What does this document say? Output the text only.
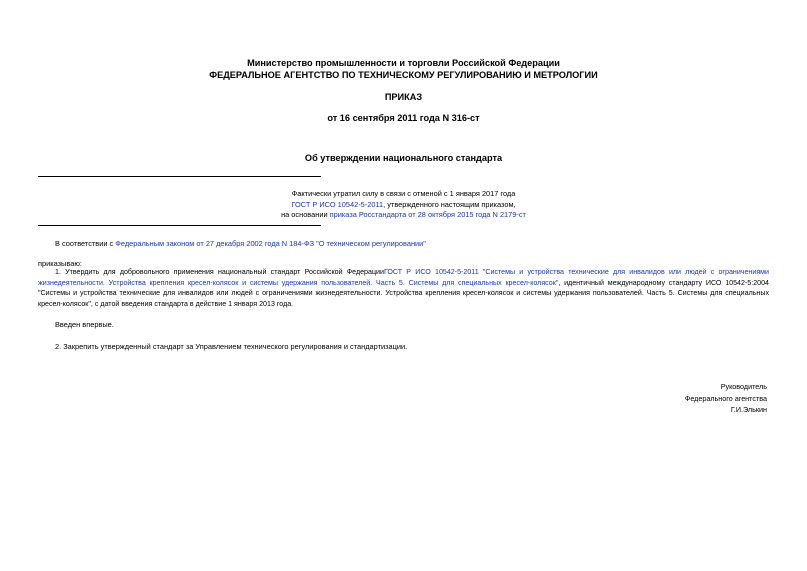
Министерство промышленности и торговли Российской Федерации
ФЕДЕРАЛЬНОЕ АГЕНТСТВО ПО ТЕХНИЧЕСКОМУ РЕГУЛИРОВАНИЮ И МЕТРОЛОГИИ
ПРИКАЗ
от 16 сентября 2011 года N 316-ст
Об утверждении национального стандарта
Фактически утратил силу в связи с отменой с 1 января 2017 года
ГОСТ Р ИСО 10542-5-2011, утвержденного настоящим приказом,
на основании приказа Росстандарта от 28 октября 2015 года N 2179-ст
В соответствии с Федеральным законом от 27 декабря 2002 года N 184-ФЗ "О техническом регулировании"
приказываю:
1. Утвердить для добровольного применения национальный стандарт Российской ФедерацииГОСТ Р ИСО 10542-5-2011 "Системы и устройства технические для инвалидов или людей с ограничениями жизнедеятельности. Устройства крепления кресел-колясок и системы удержания пользователей. Часть 5. Системы для специальных кресел-колясок", идентичный международному стандарту ИСО 10542-5:2004 "Системы и устройства технические для инвалидов или людей с ограничениями жизнедеятельности. Устройства крепления кресел-колясок и системы удержания пользователей. Часть 5. Системы для специальных кресел-колясок", с датой введения стандарта в действие 1 января 2013 года.
Введен впервые.
2. Закрепить утвержденный стандарт за Управлением технического регулирования и стандартизации.
Руководитель
Федерального агентства
Г.И.Элькин
